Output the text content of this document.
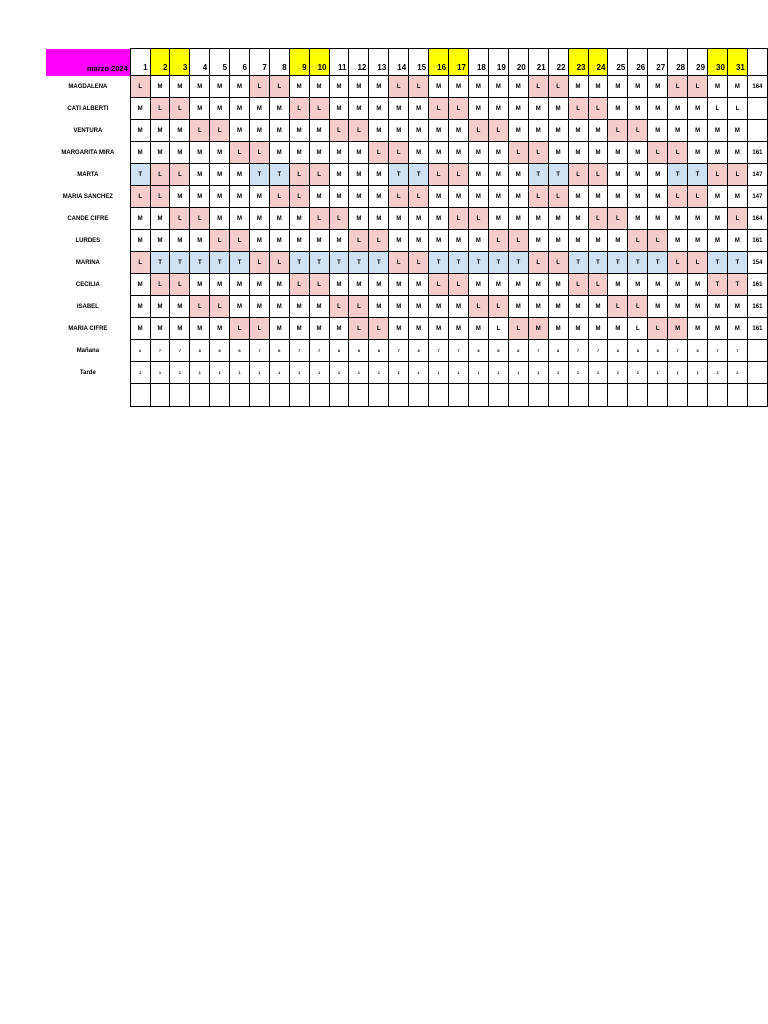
marzo 2024	1	2	3	4	5	6	7	8	9	10	11	12	13	14	15	16	17	18	19	20	21	22	23	24	25	26	27	28	29	30	31	
MAGDALENA	L	M	M	M	M	M	L	L	M	M	M	M	M	L	L	M	M	M	M	M	L	L	M	M	M	M	M	L	L	M	M	164
CATI ALBERTI	M	L	L	M	M	M	M	M	L	L	M	M	M	M	M	L	L	M	M	M	M	M	L	L	M	M	M	M	M	L	L	
VENTURA	M	M	M	L	L	M	M	M	M	M	L	L	M	M	M	M	M	L	L	M	M	M	M	M	L	L	M	M	M	M	M	
MARGARITA MIRA	M	M	M	M	M	L	L	M	M	M	M	M	L	L	M	M	M	M	M	L	L	M	M	M	M	M	L	L	M	M	M	161
MARTA	T	L	L	M	M	M	T	T	L	L	M	M	M	T	T	L	L	M	M	M	T	T	L	L	M	M	M	T	T	L	L	147
MARIA SANCHEZ	L	L	M	M	M	M	M	L	L	M	M	M	M	L	L	M	M	M	M	M	L	L	M	M	M	M	M	L	L	M	M	147
CANDE CIFRE	M	M	L	L	M	M	M	M	M	L	L	M	M	M	M	M	L	L	M	M	M	M	M	L	L	M	M	M	M	M	L	164
LURDES	M	M	M	M	L	L	M	M	M	M	M	L	L	M	M	M	M	M	L	L	M	M	M	M	M	L	L	M	M	M	M	161
MARINA	L	T	T	T	T	T	L	L	T	T	T	T	T	L	L	T	T	T	T	T	L	L	T	T	T	T	T	L	L	T	T	154
CECILIA	M	L	L	M	M	M	M	M	L	L	M	M	M	M	M	L	L	M	M	M	M	M	L	L	M	M	M	M	M	T	T	161
ISABEL	M	M	M	L	L	M	M	M	M	M	L	L	M	M	M	M	M	L	L	M	M	M	M	M	L	L	M	M	M	M	M	161
MARIA CIFRE	M	M	M	M	M	L	L	M	M	M	M	L	L	M	M	M	M	M	L	L	M	M	M	M	M	L	L	M	M	M	M	161
Mañana	6	7	7	8	8	8	7	8	7	7	8	8	8	7	8	7	7	8	8	8	7	8	7	7	8	8	8	7	8	7	7	
Tarde	1	1	1	1	1	1	1	1	1	1	1	1	1	1	1	1	1	1	1	1	1	1	1	1	1	1	1	1	1	2	2	
